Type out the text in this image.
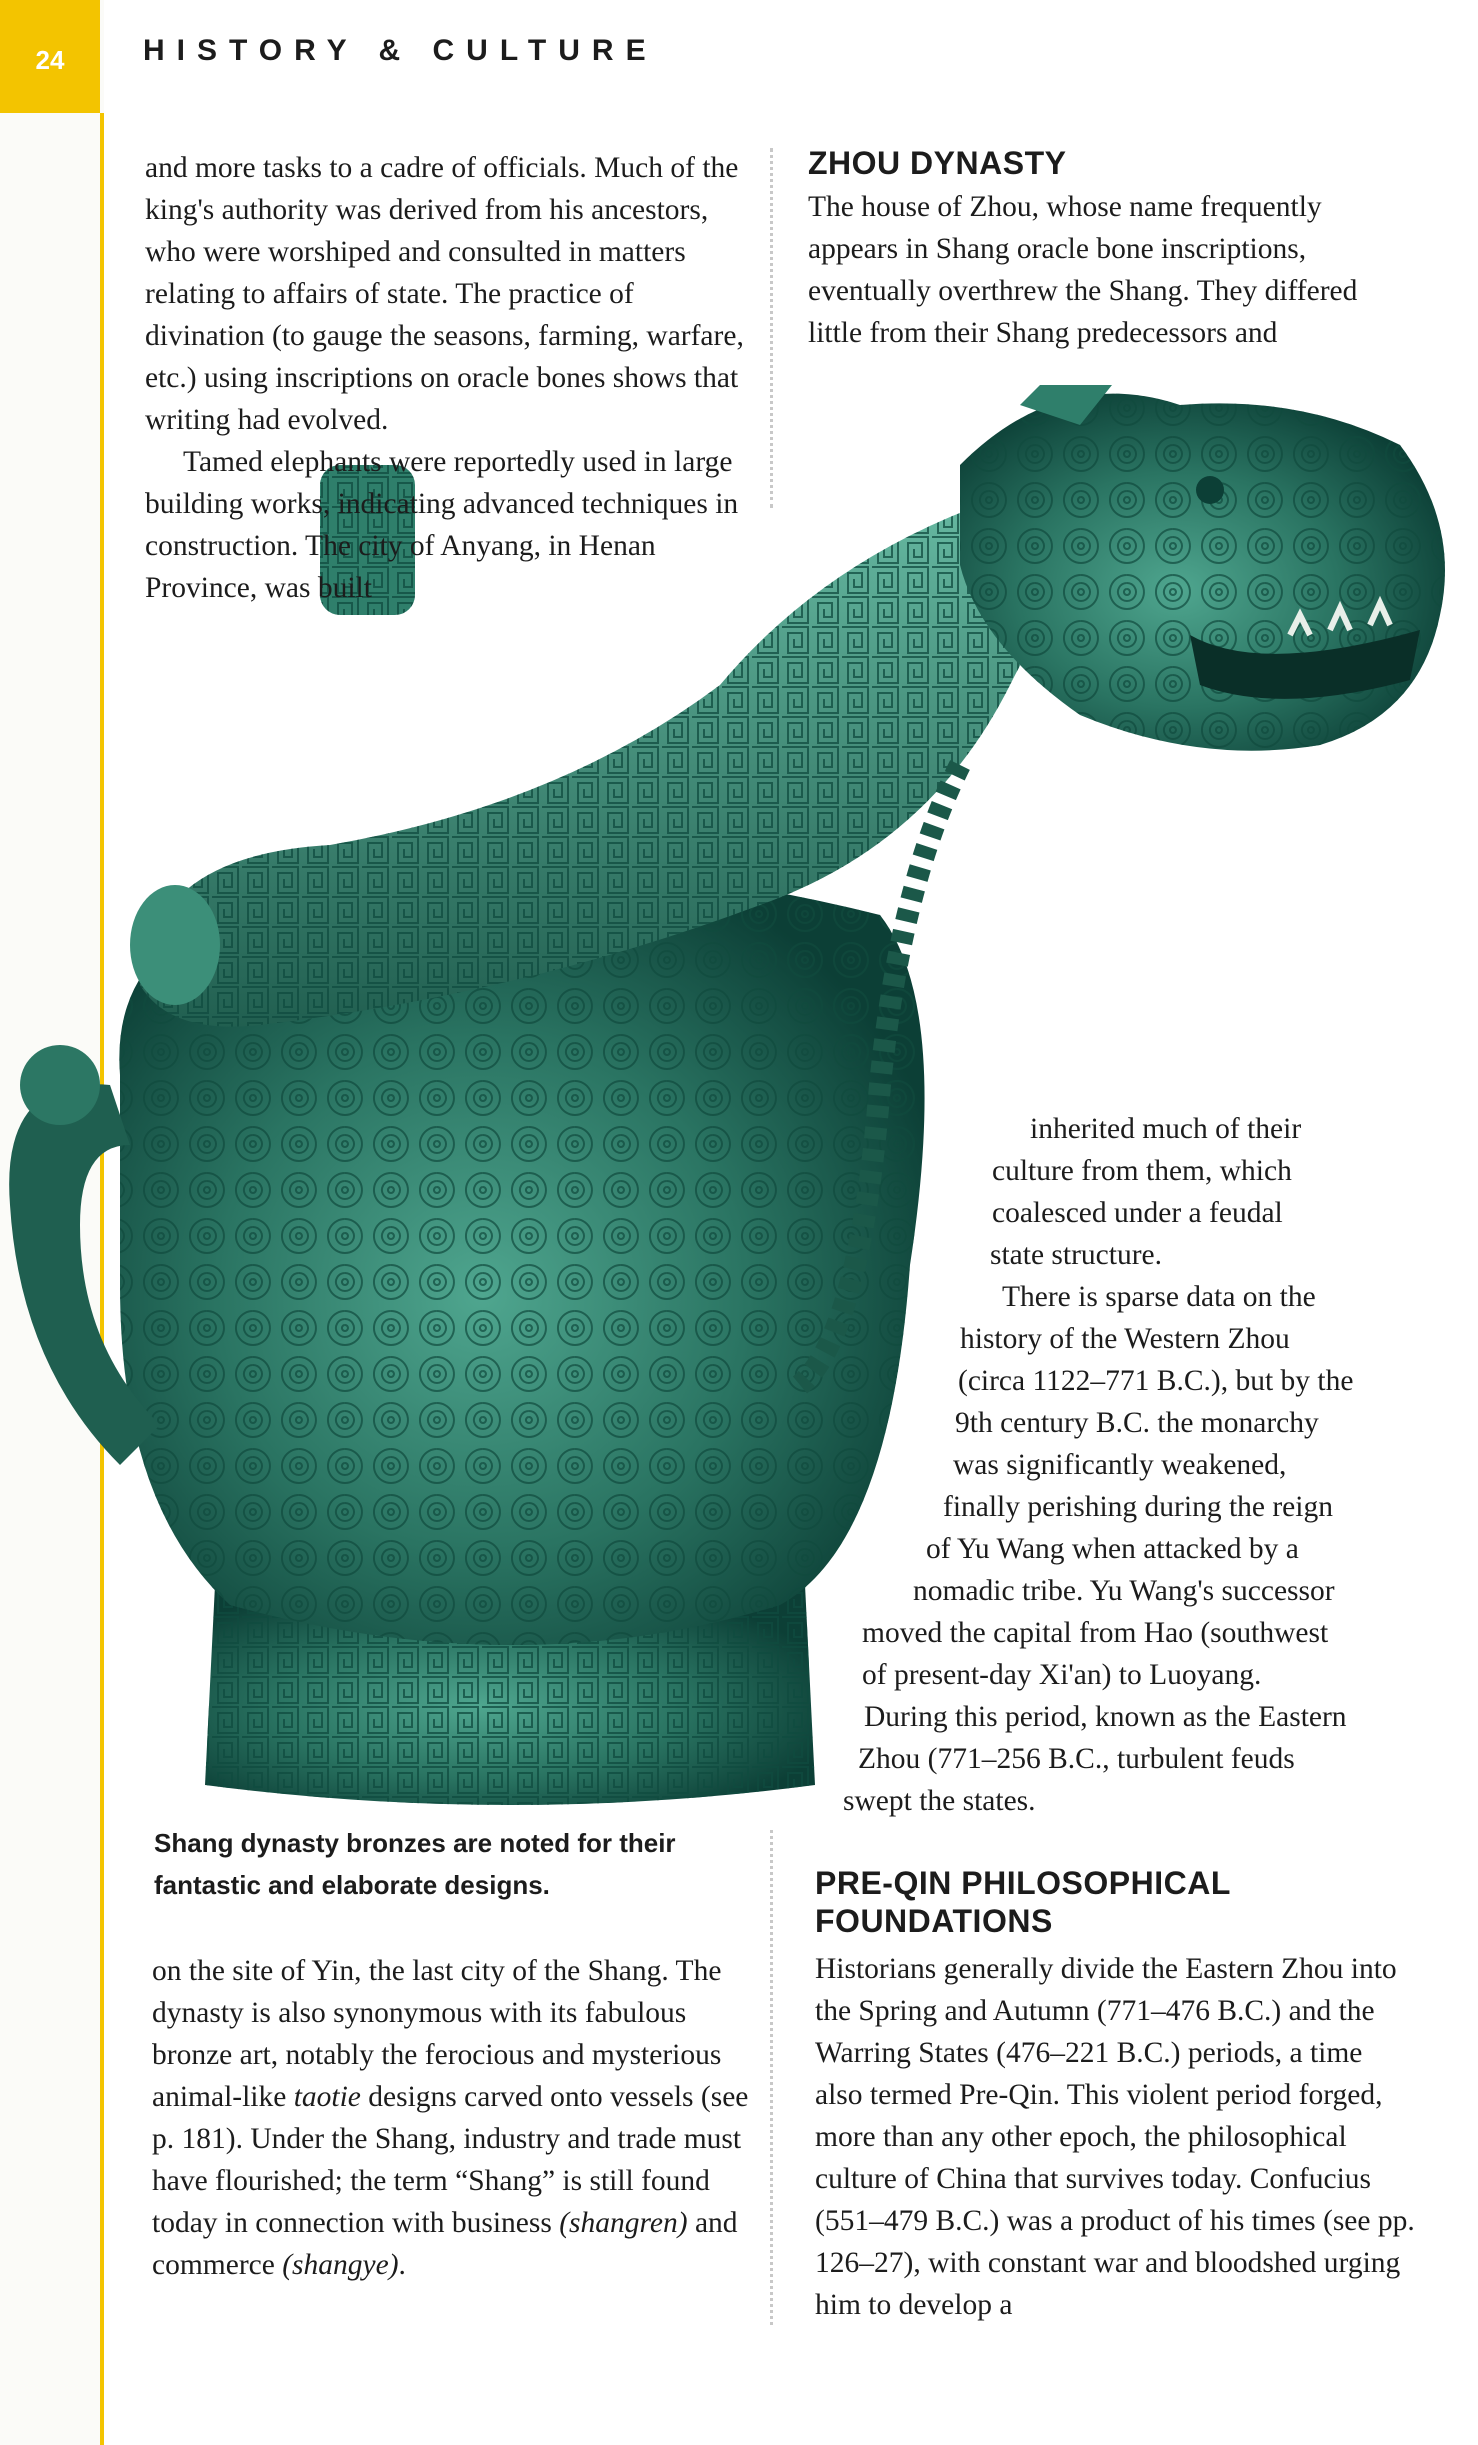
24	HISTORY & CULTURE

and more tasks to a cadre of officials. Much of the king's authority was derived from his ancestors, who were worshiped and consulted in matters relating to affairs of state. The practice of divination (to gauge the seasons, farming, warfare, etc.) using inscriptions on oracle bones shows that writing had evolved.

Tamed elephants were reportedly used in large building works, indicating advanced techniques in construction. The city of Anyang, in Henan Province, was built

ZHOU DYNASTY

The house of Zhou, whose name frequently appears in Shang oracle bone inscriptions, eventually overthrew the Shang. They differed little from their Shang predecessors and

inherited much of their
culture from them, which
coalesced under a feudal
state structure.
There is sparse data on the
history of the Western Zhou
(circa 1122–771 B.C.), but by the
9th century B.C. the monarchy
was significantly weakened,
finally perishing during the reign
of Yu Wang when attacked by a
nomadic tribe. Yu Wang's successor
moved the capital from Hao (southwest
of present-day Xi'an) to Luoyang.
During this period, known as the Eastern
Zhou (771–256 B.C., turbulent feuds
swept the states.

Shang dynasty bronzes are noted for their fantastic and elaborate designs.

on the site of Yin, the last city of the Shang. The dynasty is also synonymous with its fabulous bronze art, notably the ferocious and mysterious animal-like taotie designs carved onto vessels (see p. 181). Under the Shang, industry and trade must have flourished; the term “Shang” is still found today in connection with business (shangren) and commerce (shangye).

PRE-QIN PHILOSOPHICAL FOUNDATIONS

Historians generally divide the Eastern Zhou into the Spring and Autumn (771–476 B.C.) and the Warring States (476–221 B.C.) periods, a time also termed Pre-Qin. This violent period forged, more than any other epoch, the philosophical culture of China that survives today. Confucius (551–479 B.C.) was a product of his times (see pp. 126–27), with constant war and bloodshed urging him to develop a
